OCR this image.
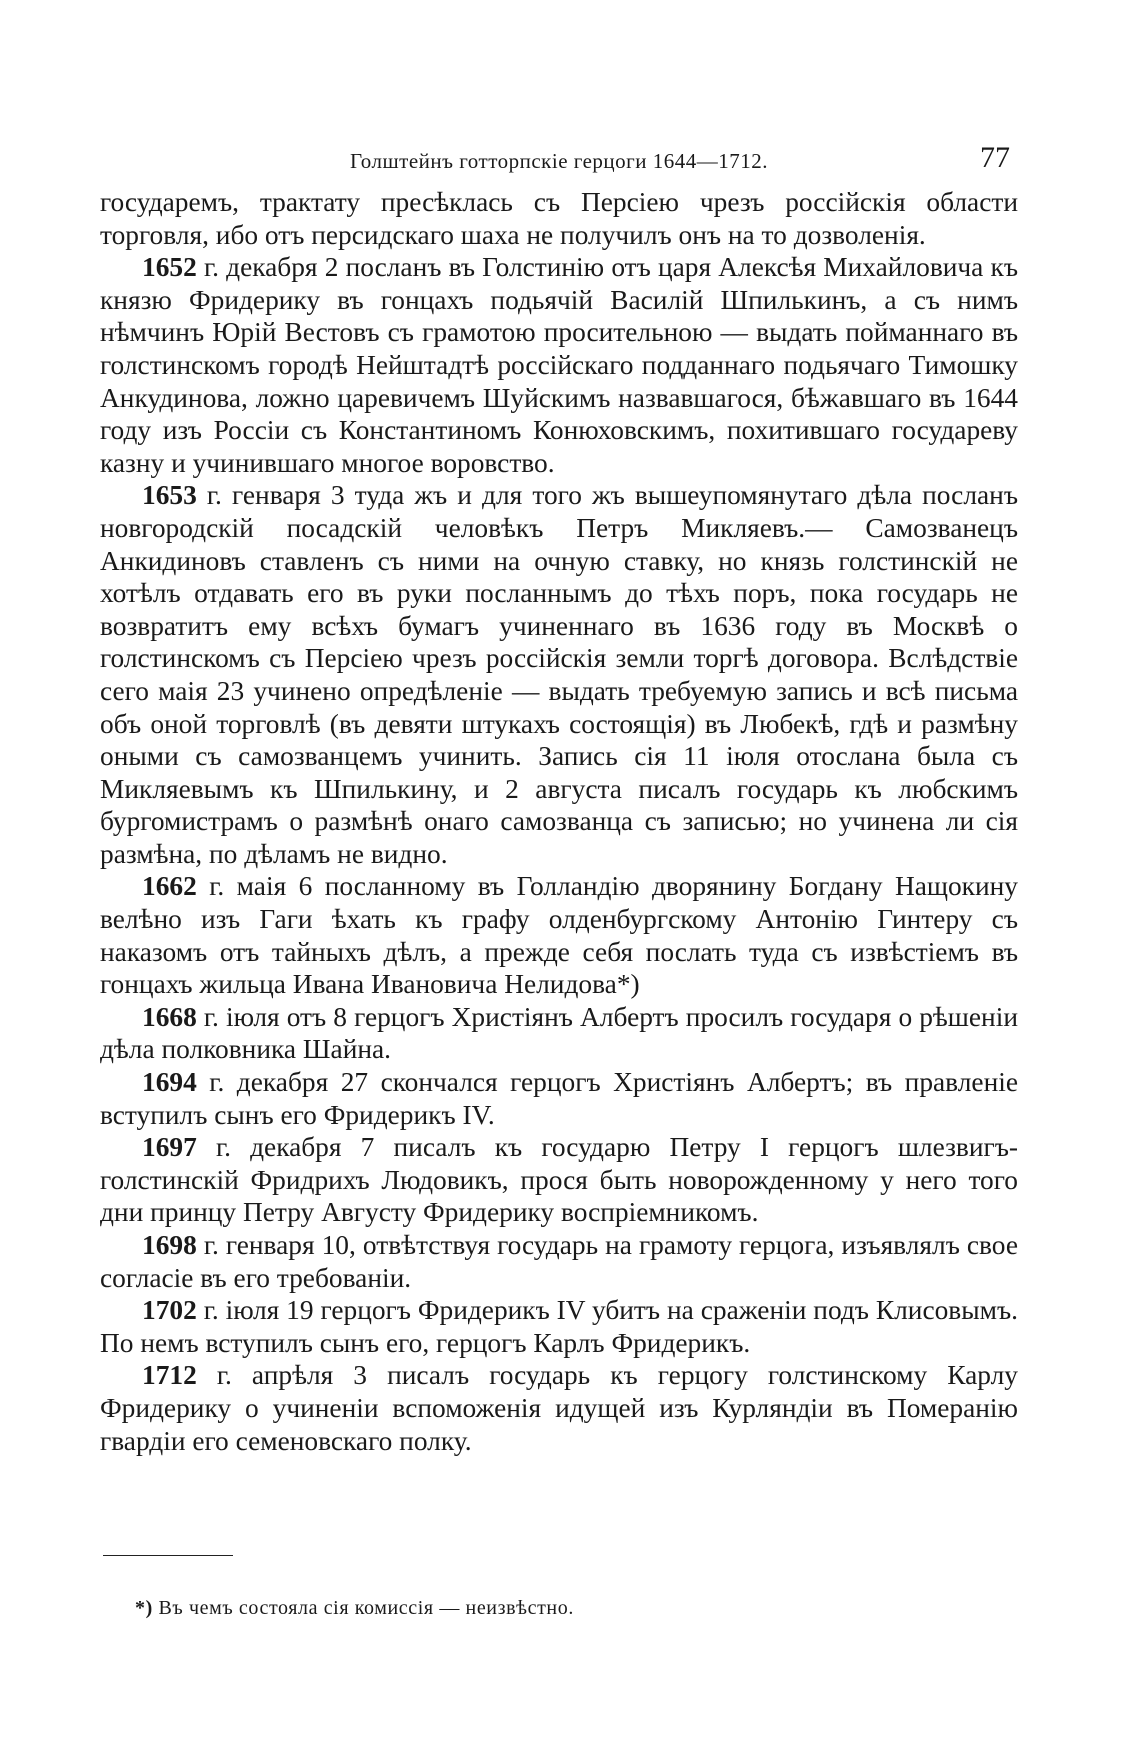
Голштейнъ готторпскіе герцоги 1644—1712.	77

государемъ, трактату пресѣклась съ Персіею чрезъ россійскія области торговля, ибо отъ персидскаго шаха не получилъ онъ на то дозволенія.

1652 г. декабря 2 посланъ въ Голстинію отъ царя Алексѣя Михайловича къ князю Фридерику въ гонцахъ подьячій Василій Шпилькинъ, а съ нимъ нѣмчинъ Юрій Вестовъ съ грамотою просительною — выдать пойманнаго въ голстинскомъ городѣ Нейштадтѣ россійскаго подданнаго подьячаго Тимошку Анкудинова, ложно царевичемъ Шуйскимъ назвавшагося, бѣжавшаго въ 1644 году изъ Россіи съ Константиномъ Конюховскимъ, похитившаго государеву казну и учинившаго многое воровство.

1653 г. генваря 3 туда жъ и для того жъ вышеупомянутаго дѣла посланъ новгородскій посадскій человѣкъ Петръ Микляевъ.— Самозванецъ Анкидиновъ ставленъ съ ними на очную ставку, но князь голстинскій не хотѣлъ отдавать его въ руки посланнымъ до тѣхъ поръ, пока государь не возвратитъ ему всѣхъ бумагъ учиненнаго въ 1636 году въ Москвѣ о голстинскомъ съ Персіею чрезъ россійскія земли торгѣ договора. Вслѣдствіе сего маія 23 учинено опредѣленіе — выдать требуемую запись и всѣ письма объ оной торговлѣ (въ девяти штукахъ состоящія) въ Любекѣ, гдѣ и размѣну оными съ самозванцемъ учинить. Запись сія 11 іюля отослана была съ Микляевымъ къ Шпилькину, и 2 августа писалъ государь къ любскимъ бургомистрамъ о размѣнѣ онаго самозванца съ записью; но учинена ли сія размѣна, по дѣламъ не видно.

1662 г. маія 6 посланному въ Голландію дворянину Богдану Нащокину велѣно изъ Гаги ѣхать къ графу олденбургскому Антонію Гинтеру съ наказомъ отъ тайныхъ дѣлъ, а прежде себя послать туда съ извѣстіемъ въ гонцахъ жильца Ивана Ивановича Нелидова*)

1668 г. іюля отъ 8 герцогъ Христіянъ Албертъ просилъ государя о рѣшеніи дѣла полковника Шайна.

1694 г. декабря 27 скончался герцогъ Христіянъ Албертъ; въ правленіе вступилъ сынъ его Фридерикъ IV.

1697 г. декабря 7 писалъ къ государю Петру I герцогъ шлезвигъ-голстинскій Фридрихъ Людовикъ, прося быть новорожденному у него того дни принцу Петру Августу Фридерику воспріемникомъ.

1698 г. генваря 10, отвѣтствуя государь на грамоту герцога, изъявлялъ свое согласіе въ его требованіи.

1702 г. іюля 19 герцогъ Фридерикъ IV убитъ на сраженіи подъ Клисовымъ. По немъ вступилъ сынъ его, герцогъ Карлъ Фридерикъ.

1712 г. апрѣля 3 писалъ государь къ герцогу голстинскому Карлу Фридерику о учиненіи вспоможенія идущей изъ Курляндіи въ Померанію гвардіи его семеновскаго полку.

*) Въ чемъ состояла сія комиссія — неизвѣстно.
